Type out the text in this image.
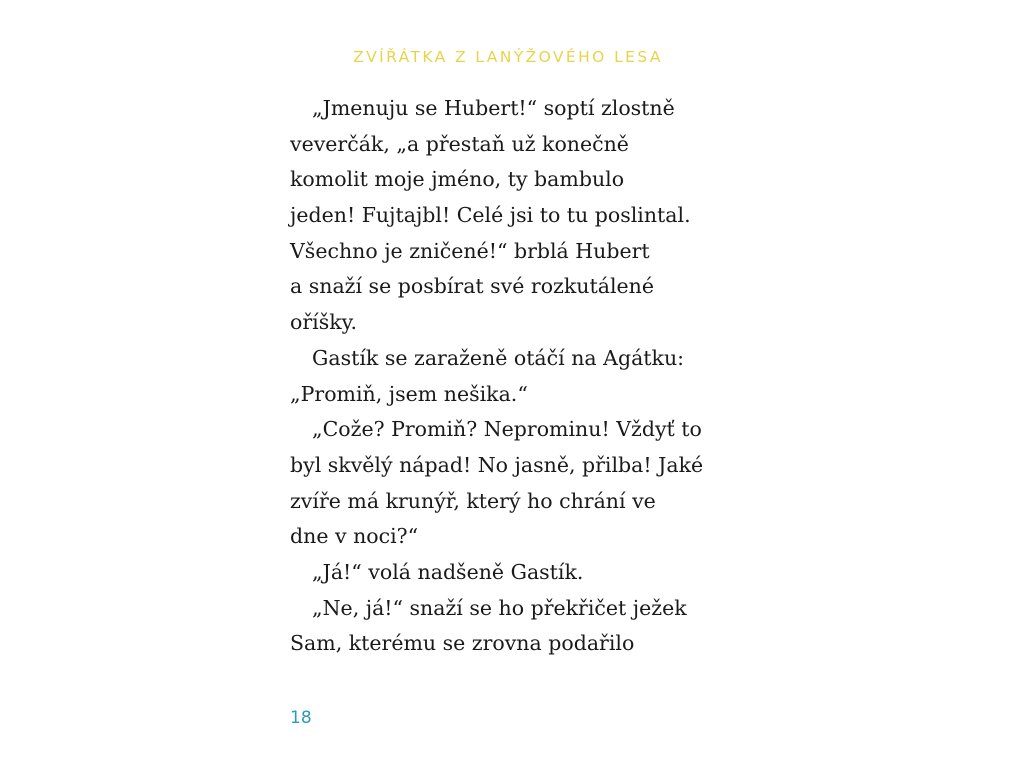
ZVÍŘÁTKA Z LANÝŽOVÉHO LESA
„Jmenuju se Hubert!“ soptí zlostně
veverčák, „a přestaň už konečně
komolit moje jméno, ty bambulo
jeden! Fujtajbl! Celé jsi to tu poslintal.
Všechno je zničené!“ brblá Hubert
a snaží se posbírat své rozkutálené
oříšky.
Gastík se zaraženě otáčí na Agátku:
„Promiň, jsem nešika.“
„Cože? Promiň? Neprominu! Vždyť to
byl skvělý nápad! No jasně, přilba! Jaké
zvíře má krunýř, který ho chrání ve
dne v noci?“
„Já!“ volá nadšeně Gastík.
„Ne, já!“ snaží se ho překřičet ježek
Sam, kterému se zrovna podařilo
18
